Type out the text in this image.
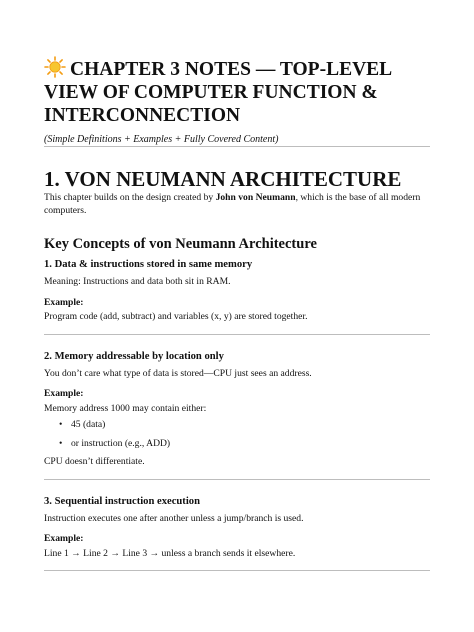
CHAPTER 3 NOTES — TOP-LEVEL VIEW OF COMPUTER FUNCTION & INTERCONNECTION

(Simple Definitions + Examples + Fully Covered Content)

1. VON NEUMANN ARCHITECTURE

This chapter builds on the design created by John von Neumann, which is the base of all modern computers.

Key Concepts of von Neumann Architecture
1. Data & instructions stored in same memory

Meaning: Instructions and data both sit in RAM.

Example:

Program code (add, subtract) and variables (x, y) are stored together.

2. Memory addressable by location only

You don’t care what type of data is stored—CPU just sees an address.

Example:

Memory address 1000 may contain either:

• 45 (data)
• or instruction (e.g., ADD)

CPU doesn’t differentiate.

3. Sequential instruction execution

Instruction executes one after another unless a jump/branch is used.

Example:

Line 1 → Line 2 → Line 3 → unless a branch sends it elsewhere.
